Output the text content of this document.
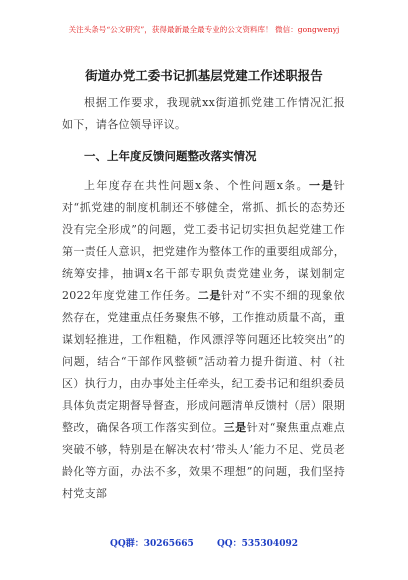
关注头条号“公文研究”，获得最新最全最专业的公文资料库！ 微信：gongwenyj
街道办党工委书记抓基层党建工作述职报告
根据工作要求，我现就xx街道抓党建工作情况汇报如下，请各位领导评议。
一、上年度反馈问题整改落实情况
上年度存在共性问题x条、个性问题x条。一是针对“抓党建的制度机制还不够健全，常抓、抓长的态势还没有完全形成”的问题，党工委书记切实担负起党建工作第一责任人意识，把党建作为整体工作的重要组成部分，统筹安排，抽调x名干部专职负责党建业务，谋划制定2022年度党建工作任务。二是针对“不实不细的现象依然存在，党建重点任务聚焦不够，工作推动质量不高，重谋划轻推进，工作粗糙，作风漂浮等问题还比较突出”的问题，结合“干部作风整顿”活动着力提升街道、村（社区）执行力，由办事处主任牵头，纪工委书记和组织委员具体负责定期督导督查，形成问题清单反馈村（居）限期整改，确保各项工作落实到位。三是针对“聚焦重点难点突破不够，特别是在解决农村‘带头人’能力不足、党员老龄化等方面，办法不多，效果不理想”的问题，我们坚持村党支部
QQ群：30265665	QQ：535304092
